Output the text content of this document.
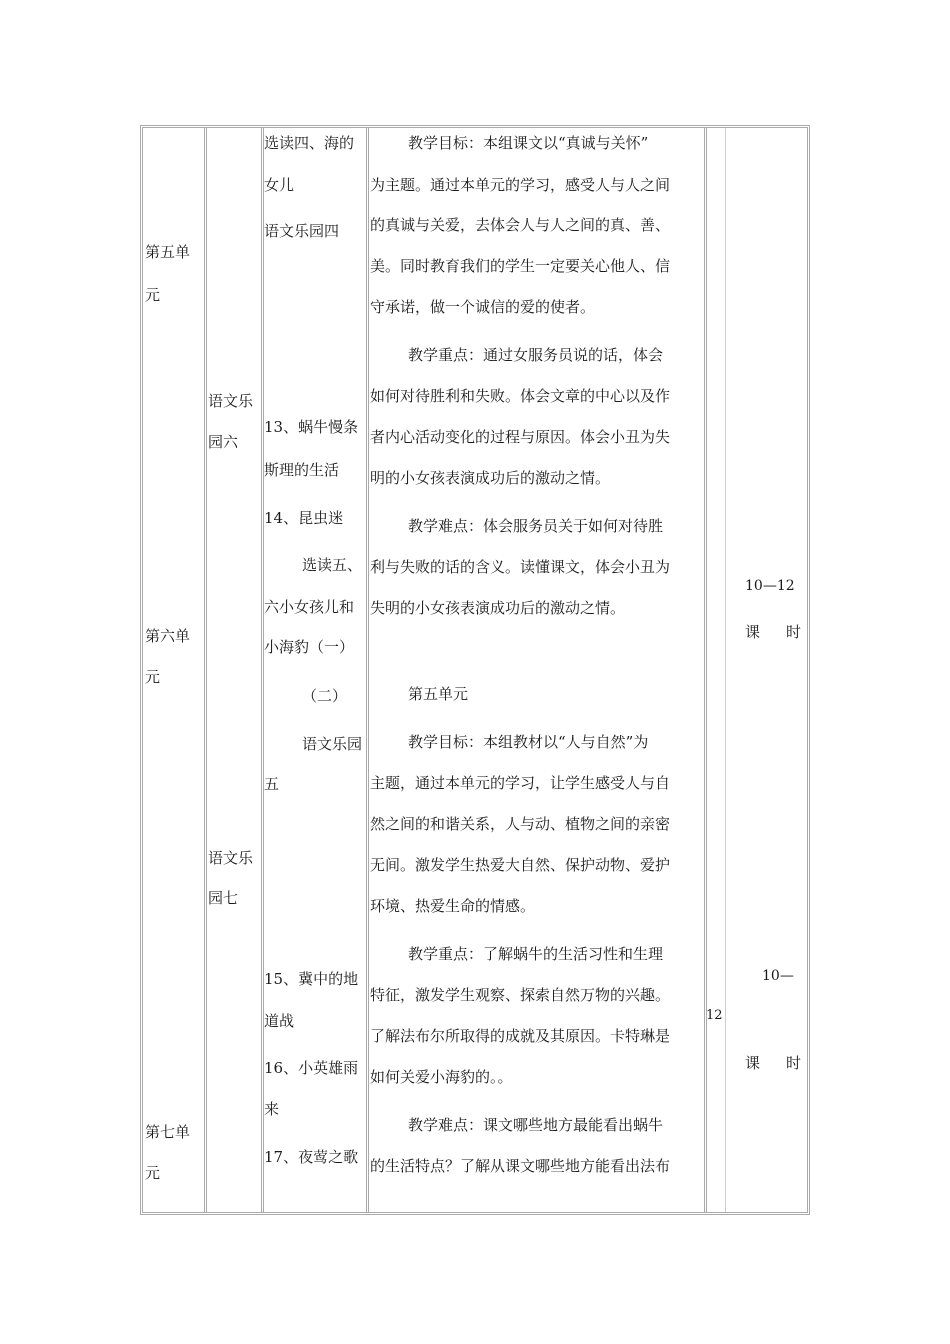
第五单
元
第六单
元
第七单
元
语文乐
园六
语文乐
园七
选读四、海的
女儿
语文乐园四
13、蜗牛慢条
斯理的生活
14、昆虫迷
选读五、
六小女孩儿和
小海豹（一）
（二）
语文乐园
五
15、冀中的地
道战
16、小英雄雨
来
17、夜莺之歌
教学目标：本组课文以“真诚与关怀”
为主题。通过本单元的学习，感受人与人之间
的真诚与关爱，去体会人与人之间的真、善、
美。同时教育我们的学生一定要关心他人、信
守承诺，做一个诚信的爱的使者。
教学重点：通过女服务员说的话，体会
如何对待胜利和失败。体会文章的中心以及作
者内心活动变化的过程与原因。体会小丑为失
明的小女孩表演成功后的激动之情。
教学难点：体会服务员关于如何对待胜
利与失败的话的含义。读懂课文，体会小丑为
失明的小女孩表演成功后的激动之情。
第五单元
教学目标：本组教材以“人与自然”为
主题，通过本单元的学习，让学生感受人与自
然之间的和谐关系，人与动、植物之间的亲密
无间。激发学生热爱大自然、保护动物、爱护
环境、热爱生命的情感。
教学重点：了解蜗牛的生活习性和生理
特征，激发学生观察、探索自然万物的兴趣。
了解法布尔所取得的成就及其原因。卡特琳是
如何关爱小海豹的。。
教学难点：课文哪些地方最能看出蜗牛
的生活特点？了解从课文哪些地方能看出法布
12
10—12
课 时
10—
课 时
